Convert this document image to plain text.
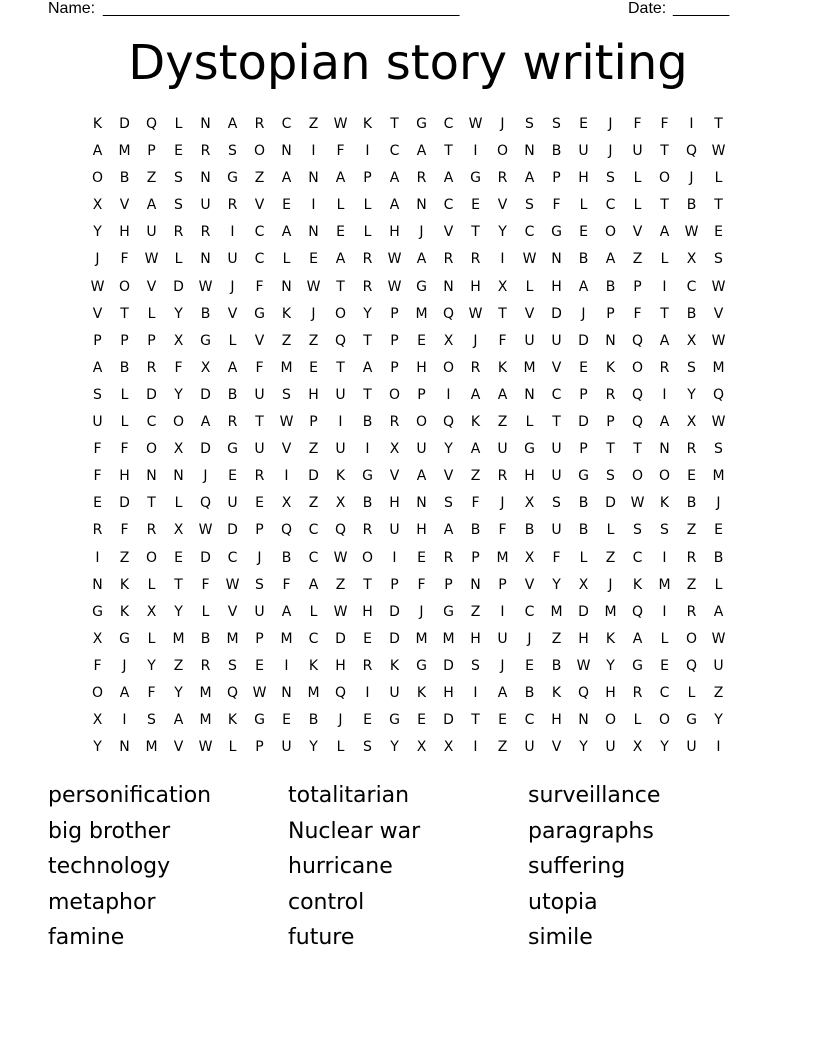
Name: _____________________________________________	Date: _______
Dystopian story writing
K	D	Q	L	N	A	R	C	Z	W	K	T	G	C	W	J	S	S	E	J	F	F	I	T
A	M	P	E	R	S	O	N	I	F	I	C	A	T	I	O	N	B	U	J	U	T	Q	W
O	B	Z	S	N	G	Z	A	N	A	P	A	R	A	G	R	A	P	H	S	L	O	J	L
X	V	A	S	U	R	V	E	I	L	L	A	N	C	E	V	S	F	L	C	L	T	B	T
Y	H	U	R	R	I	C	A	N	E	L	H	J	V	T	Y	C	G	E	O	V	A	W	E
J	F	W	L	N	U	C	L	E	A	R	W	A	R	R	I	W	N	B	A	Z	L	X	S
W	O	V	D	W	J	F	N	W	T	R	W	G	N	H	X	L	H	A	B	P	I	C	W
V	T	L	Y	B	V	G	K	J	O	Y	P	M	Q	W	T	V	D	J	P	F	T	B	V
P	P	P	X	G	L	V	Z	Z	Q	T	P	E	X	J	F	U	U	D	N	Q	A	X	W
A	B	R	F	X	A	F	M	E	T	A	P	H	O	R	K	M	V	E	K	O	R	S	M
S	L	D	Y	D	B	U	S	H	U	T	O	P	I	A	A	N	C	P	R	Q	I	Y	Q
U	L	C	O	A	R	T	W	P	I	B	R	O	Q	K	Z	L	T	D	P	Q	A	X	W
F	F	O	X	D	G	U	V	Z	U	I	X	U	Y	A	U	G	U	P	T	T	N	R	S
F	H	N	N	J	E	R	I	D	K	G	V	A	V	Z	R	H	U	G	S	O	O	E	M
E	D	T	L	Q	U	E	X	Z	X	B	H	N	S	F	J	X	S	B	D	W	K	B	J
R	F	R	X	W	D	P	Q	C	Q	R	U	H	A	B	F	B	U	B	L	S	S	Z	E
I	Z	O	E	D	C	J	B	C	W	O	I	E	R	P	M	X	F	L	Z	C	I	R	B
N	K	L	T	F	W	S	F	A	Z	T	P	F	P	N	P	V	Y	X	J	K	M	Z	L
G	K	X	Y	L	V	U	A	L	W	H	D	J	G	Z	I	C	M	D	M	Q	I	R	A
X	G	L	M	B	M	P	M	C	D	E	D	M	M	H	U	J	Z	H	K	A	L	O	W
F	J	Y	Z	R	S	E	I	K	H	R	K	G	D	S	J	E	B	W	Y	G	E	Q	U
O	A	F	Y	M	Q	W	N	M	Q	I	U	K	H	I	A	B	K	Q	H	R	C	L	Z
X	I	S	A	M	K	G	E	B	J	E	G	E	D	T	E	C	H	N	O	L	O	G	Y
Y	N	M	V	W	L	P	U	Y	L	S	Y	X	X	I	Z	U	V	Y	U	X	Y	U	I
personification	totalitarian	surveillance
big brother	Nuclear war	paragraphs
technology	hurricane	suffering
metaphor	control	utopia
famine	future	simile
